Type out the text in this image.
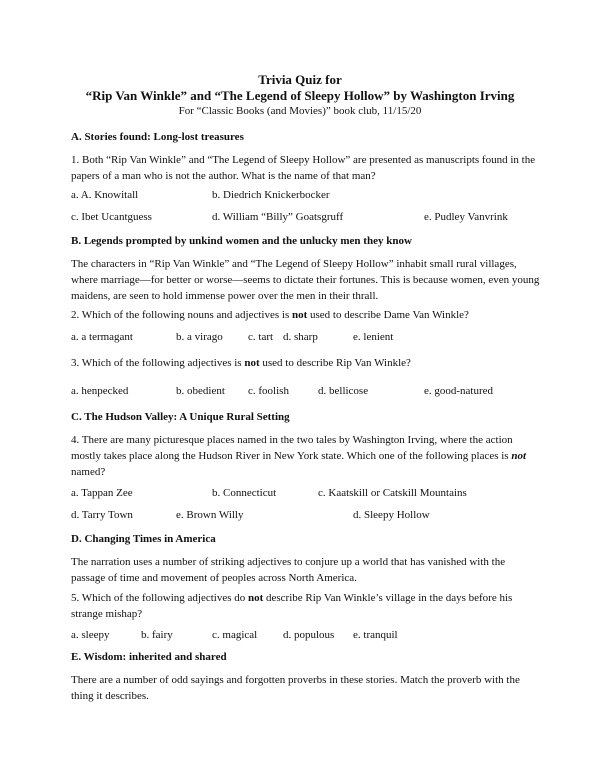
Trivia Quiz for
“Rip Van Winkle” and “The Legend of Sleepy Hollow” by Washington Irving
For “Classic Books (and Movies)” book club, 11/15/20
A. Stories found: Long-lost treasures
1. Both “Rip Van Winkle” and “The Legend of Sleepy Hollow” are presented as manuscripts found in the papers of a man who is not the author. What is the name of that man?
a. A. Knowitall	b. Diedrich Knickerbocker
c. Ibet Ucantguess	d. William “Billy” Goatsgruff	e. Pudley Vanvrink
B. Legends prompted by unkind women and the unlucky men they know
The characters in “Rip Van Winkle” and “The Legend of Sleepy Hollow” inhabit small rural villages, where marriage—for better or worse—seems to dictate their fortunes. This is because women, even young maidens, are seen to hold immense power over the men in their thrall.
2. Which of the following nouns and adjectives is not used to describe Dame Van Winkle?
a. a termagant	b. a virago c. tart d. sharp	e. lenient
3. Which of the following adjectives is not used to describe Rip Van Winkle?
a. henpecked	b. obedient c. foolish	d. bellicose	e. good-natured
C. The Hudson Valley: A Unique Rural Setting
4. There are many picturesque places named in the two tales by Washington Irving, where the action mostly takes place along the Hudson River in New York state. Which one of the following places is not named?
a. Tappan Zee	b. Connecticut	c. Kaatskill or Catskill Mountains
d. Tarry Town	e. Brown Willy	d. Sleepy Hollow
D. Changing Times in America
The narration uses a number of striking adjectives to conjure up a world that has vanished with the passage of time and movement of peoples across North America.
5. Which of the following adjectives do not describe Rip Van Winkle’s village in the days before his strange mishap?
a. sleepy	b. fairy	c. magical d. populous e. tranquil
E. Wisdom: inherited and shared
There are a number of odd sayings and forgotten proverbs in these stories. Match the proverb with the thing it describes.
